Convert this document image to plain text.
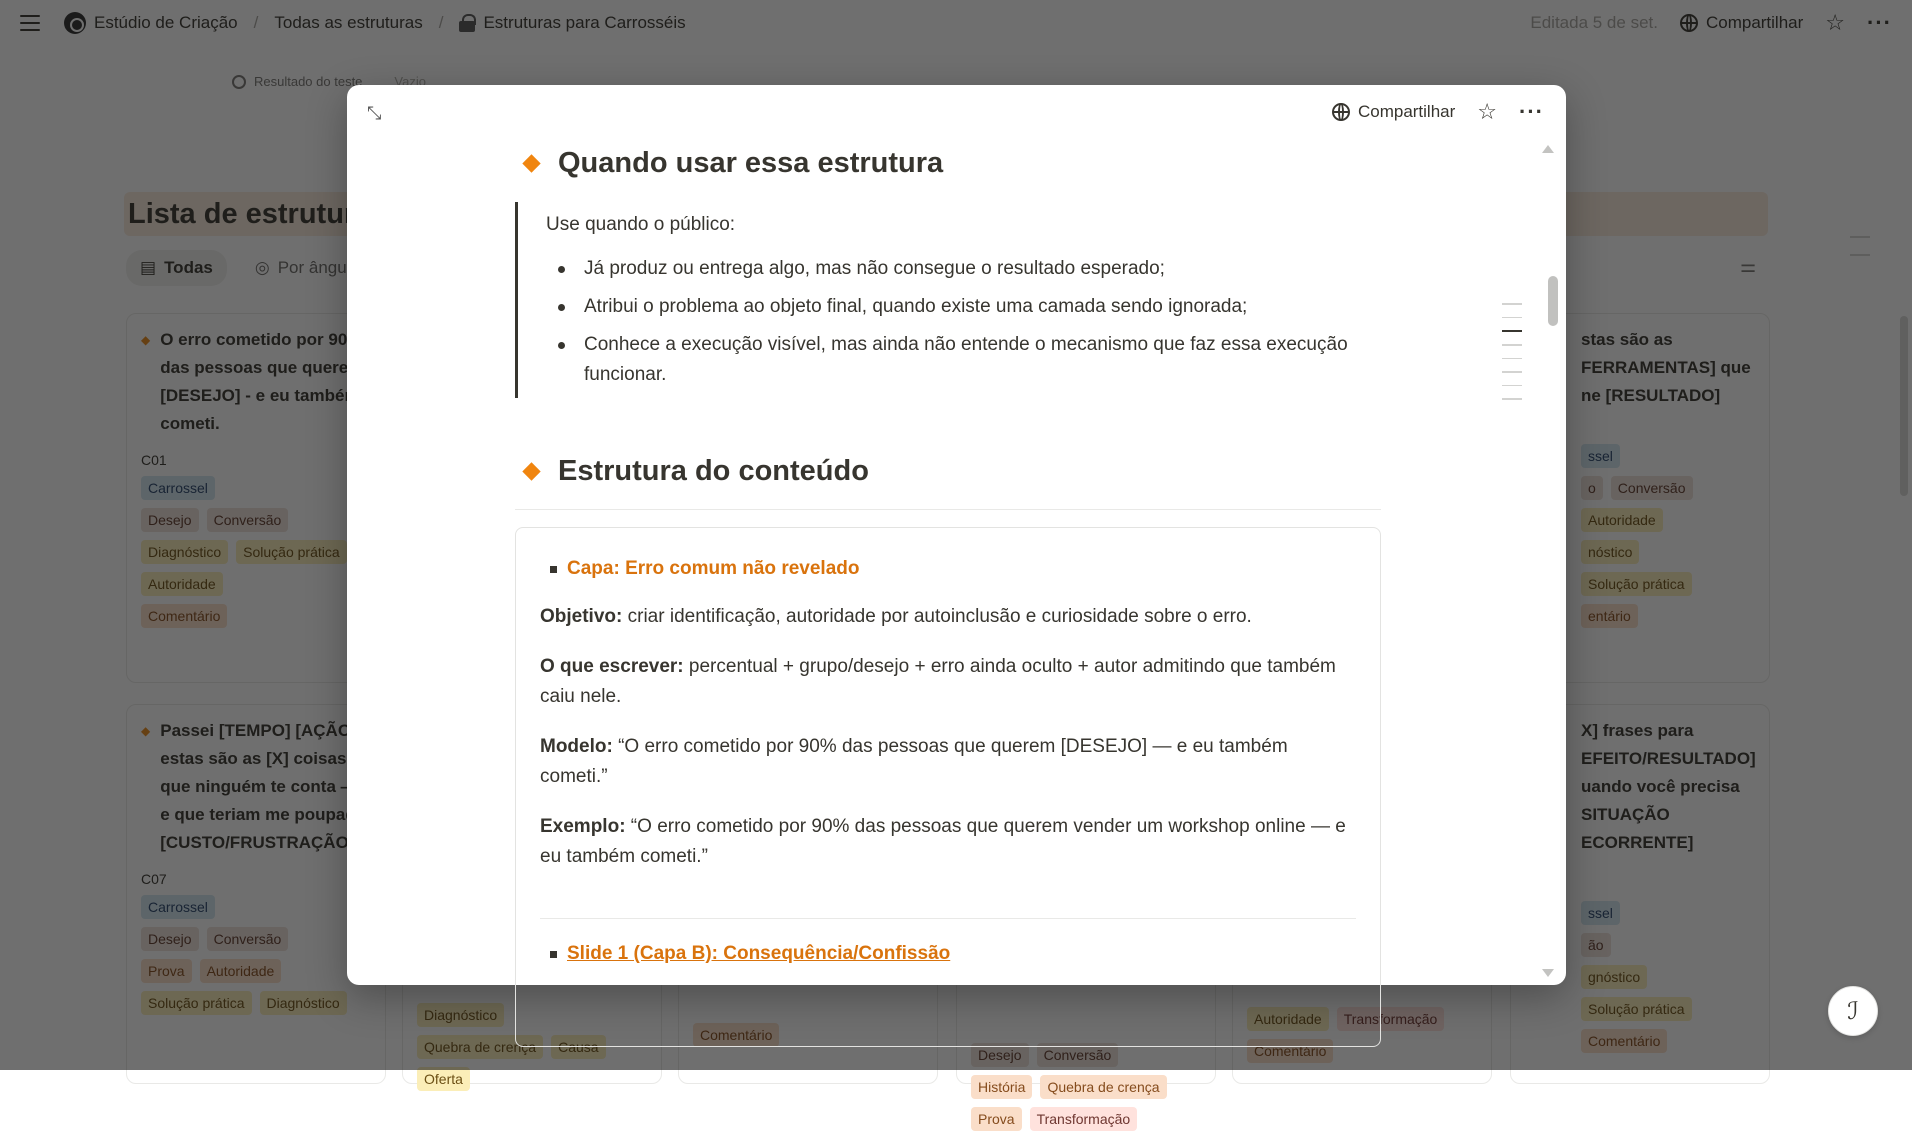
Oferta	História	Quebra de crença
Prova	Transformação
ℐ
⤡	Compartilhar ☆ ···
Quando usar essa estrutura
Use quando o público:
Já produz ou entrega algo, mas não consegue o resultado esperado;
Atribui o problema ao objeto final, quando existe uma camada sendo ignorada;
Conhece a execução visível, mas ainda não entende o mecanismo que faz essa execução funcionar.
Estrutura do conteúdo
Capa: Erro comum não revelado

Objetivo: criar identificação, autoridade por autoinclusão e curiosidade sobre o erro.

O que escrever: percentual + grupo/desejo + erro ainda oculto + autor admitindo que também caiu nele.

Modelo: “O erro cometido por 90% das pessoas que querem [DESEJO] — e eu também cometi.”

Exemplo: “O erro cometido por 90% das pessoas que querem vender um workshop online — e eu também cometi.”

Slide 1 (Capa B): Consequência/Confissão
